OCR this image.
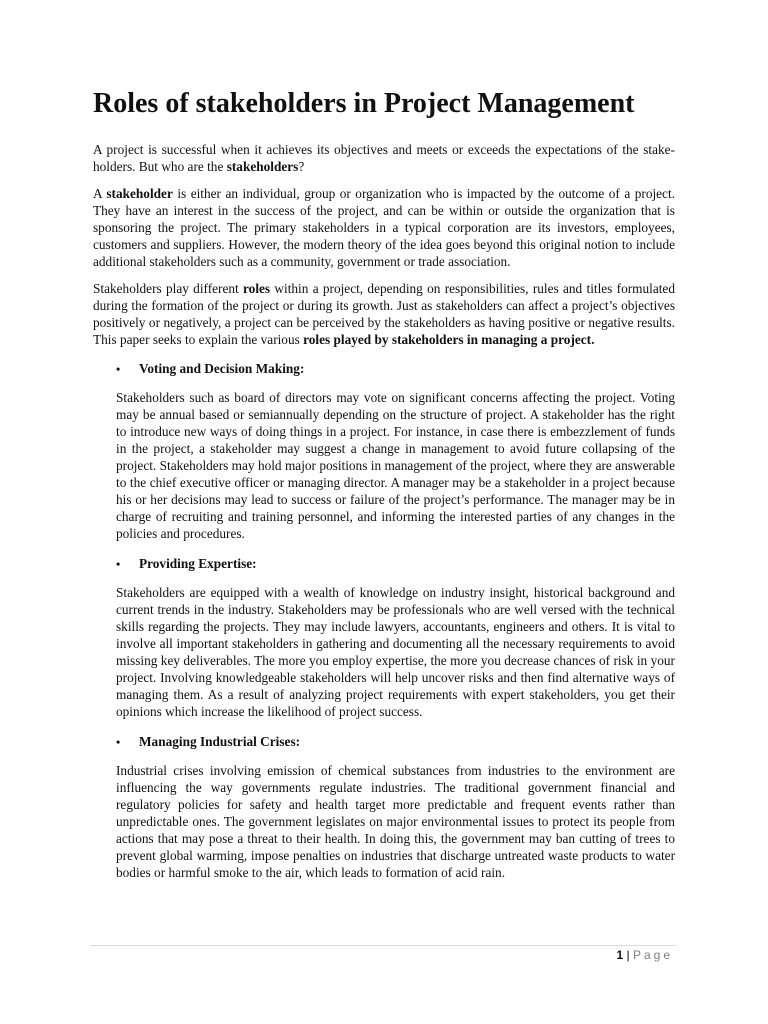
Roles of stakeholders in Project Management

A project is successful when it achieves its objectives and meets or exceeds the expectations of the stake-holders. But who are the stakeholders?

A stakeholder is either an individual, group or organization who is impacted by the outcome of a project. They have an interest in the success of the project, and can be within or outside the organization that is sponsoring the project. The primary stakeholders in a typical corporation are its investors, employees, customers and suppliers. However, the modern theory of the idea goes beyond this original notion to include additional stakeholders such as a community, government or trade association.

Stakeholders play different roles within a project, depending on responsibilities, rules and titles formulated during the formation of the project or during its growth. Just as stakeholders can affect a project’s objectives positively or negatively, a project can be perceived by the stakeholders as having positive or negative results. This paper seeks to explain the various roles played by stakeholders in managing a project.

•	Voting and Decision Making:

Stakeholders such as board of directors may vote on significant concerns affecting the project. Voting may be annual based or semiannually depending on the structure of project. A stakeholder has the right to introduce new ways of doing things in a project. For instance, in case there is embezzlement of funds in the project, a stakeholder may suggest a change in management to avoid future collapsing of the project. Stakeholders may hold major positions in management of the project, where they are answerable to the chief executive officer or managing director. A manager may be a stakeholder in a project because his or her decisions may lead to success or failure of the project’s performance. The manager may be in charge of recruiting and training personnel, and informing the interested parties of any changes in the policies and procedures.

•	Providing Expertise:

Stakeholders are equipped with a wealth of knowledge on industry insight, historical background and current trends in the industry. Stakeholders may be professionals who are well versed with the technical skills regarding the projects. They may include lawyers, accountants, engineers and others. It is vital to involve all important stakeholders in gathering and documenting all the necessary requirements to avoid missing key deliverables. The more you employ expertise, the more you decrease chances of risk in your project. Involving knowledgeable stakeholders will help uncover risks and then find alternative ways of managing them. As a result of analyzing project requirements with expert stakeholders, you get their opinions which increase the likelihood of project success.

•	Managing Industrial Crises:

Industrial crises involving emission of chemical substances from industries to the environment are influencing the way governments regulate industries. The traditional government financial and regulatory policies for safety and health target more predictable and frequent events rather than unpredictable ones. The government legislates on major environmental issues to protect its people from actions that may pose a threat to their health. In doing this, the government may ban cutting of trees to prevent global warming, impose penalties on industries that discharge untreated waste products to water bodies or harmful smoke to the air, which leads to formation of acid rain.

1 | Page
